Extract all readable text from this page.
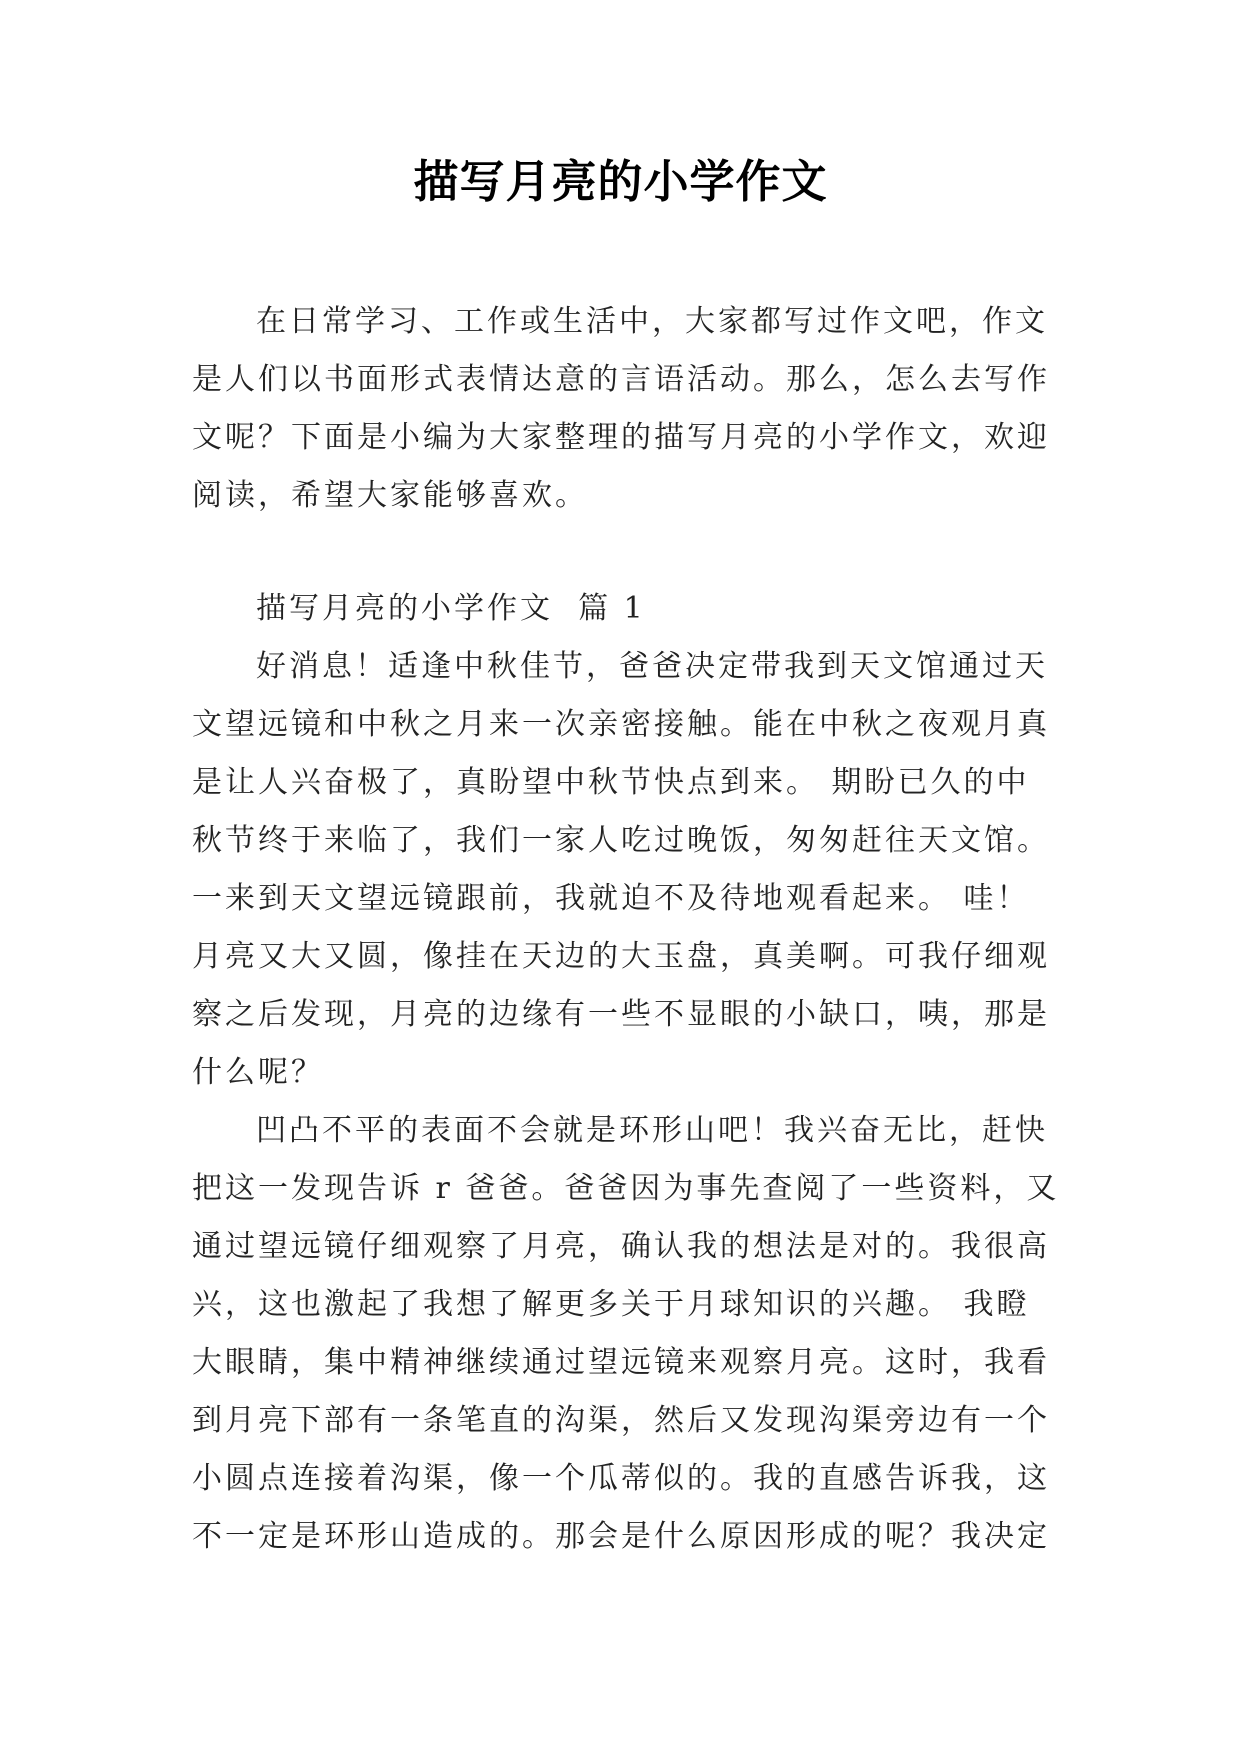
描写月亮的小学作文
在日常学习、工作或生活中，大家都写过作文吧，作文
是人们以书面形式表情达意的言语活动。那么，怎么去写作
文呢？下面是小编为大家整理的描写月亮的小学作文，欢迎
阅读，希望大家能够喜欢。
描写月亮的小学作文  篇 1
好消息！适逢中秋佳节，爸爸决定带我到天文馆通过天
文望远镜和中秋之月来一次亲密接触。能在中秋之夜观月真
是让人兴奋极了，真盼望中秋节快点到来。 期盼已久的中
秋节终于来临了，我们一家人吃过晚饭，匆匆赶往天文馆。
一来到天文望远镜跟前，我就迫不及待地观看起来。 哇！
月亮又大又圆，像挂在天边的大玉盘，真美啊。可我仔细观
察之后发现，月亮的边缘有一些不显眼的小缺口，咦，那是
什么呢？
凹凸不平的表面不会就是环形山吧！我兴奋无比，赶快
把这一发现告诉 r 爸爸。爸爸因为事先查阅了一些资料，又
通过望远镜仔细观察了月亮，确认我的想法是对的。我很高
兴，这也激起了我想了解更多关于月球知识的兴趣。 我瞪
大眼睛，集中精神继续通过望远镜来观察月亮。这时，我看
到月亮下部有一条笔直的沟渠，然后又发现沟渠旁边有一个
小圆点连接着沟渠，像一个瓜蒂似的。我的直感告诉我，这
不一定是环形山造成的。那会是什么原因形成的呢？我决定
